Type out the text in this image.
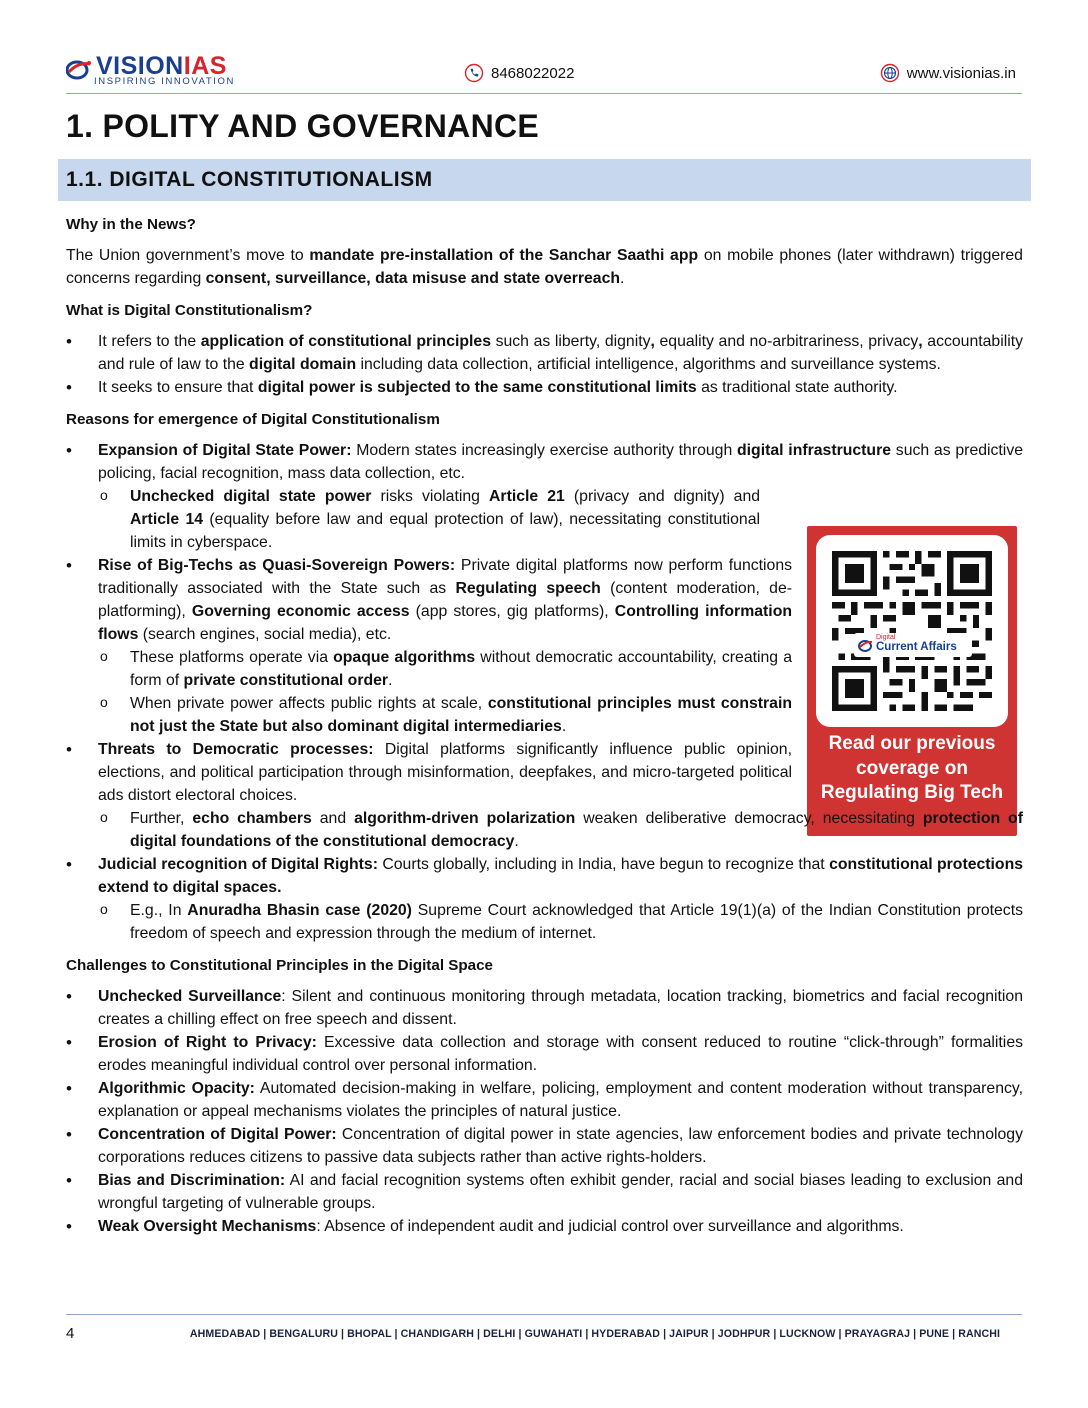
VISIONIAS
INSPIRING INNOVATION	8468022022	www.visionias.in
1. POLITY AND GOVERNANCE
1.1. DIGITAL CONSTITUTIONALISM
Digital
Current Affairs
Read our previous coverage on Regulating Big Tech
Why in the News?
The Union government’s move to mandate pre-installation of the Sanchar Saathi app on mobile phones (later withdrawn) triggered concerns regarding consent, surveillance, data misuse and state overreach.
What is Digital Constitutionalism?
• It refers to the application of constitutional principles such as liberty, dignity, equality and no-arbitrariness, privacy, accountability and rule of law to the digital domain including data collection, artificial intelligence, algorithms and surveillance systems.
• It seeks to ensure that digital power is subjected to the same constitutional limits as traditional state authority.
Reasons for emergence of Digital Constitutionalism
• Expansion of Digital State Power: Modern states increasingly exercise authority through digital infrastructure such as predictive policing, facial recognition, mass data collection, etc.
o Unchecked digital state power risks violating Article 21 (privacy and dignity) and Article 14 (equality before law and equal protection of law), necessitating constitutional limits in cyberspace.
• Rise of Big-Techs as Quasi-Sovereign Powers: Private digital platforms now perform functions traditionally associated with the State such as Regulating speech (content moderation, de-platforming), Governing economic access (app stores, gig platforms), Controlling information flows (search engines, social media), etc.
o These platforms operate via opaque algorithms without democratic accountability, creating a form of private constitutional order.
o When private power affects public rights at scale, constitutional principles must constrain not just the State but also dominant digital intermediaries.
• Threats to Democratic processes: Digital platforms significantly influence public opinion, elections, and political participation through misinformation, deepfakes, and micro-targeted political ads distort electoral choices.
o Further, echo chambers and algorithm-driven polarization weaken deliberative democracy, necessitating protection of digital foundations of the constitutional democracy.
• Judicial recognition of Digital Rights: Courts globally, including in India, have begun to recognize that constitutional protections extend to digital spaces.
o E.g., In Anuradha Bhasin case (2020) Supreme Court acknowledged that Article 19(1)(a) of the Indian Constitution protects freedom of speech and expression through the medium of internet.
Challenges to Constitutional Principles in the Digital Space
• Unchecked Surveillance: Silent and continuous monitoring through metadata, location tracking, biometrics and facial recognition creates a chilling effect on free speech and dissent.
• Erosion of Right to Privacy: Excessive data collection and storage with consent reduced to routine “click-through” formalities erodes meaningful individual control over personal information.
• Algorithmic Opacity: Automated decision-making in welfare, policing, employment and content moderation without transparency, explanation or appeal mechanisms violates the principles of natural justice.
• Concentration of Digital Power: Concentration of digital power in state agencies, law enforcement bodies and private technology corporations reduces citizens to passive data subjects rather than active rights-holders.
• Bias and Discrimination: AI and facial recognition systems often exhibit gender, racial and social biases leading to exclusion and wrongful targeting of vulnerable groups.
• Weak Oversight Mechanisms: Absence of independent audit and judicial control over surveillance and algorithms.
4	AHMEDABAD | BENGALURU | BHOPAL | CHANDIGARH | DELHI | GUWAHATI | HYDERABAD | JAIPUR | JODHPUR | LUCKNOW | PRAYAGRAJ | PUNE | RANCHI
